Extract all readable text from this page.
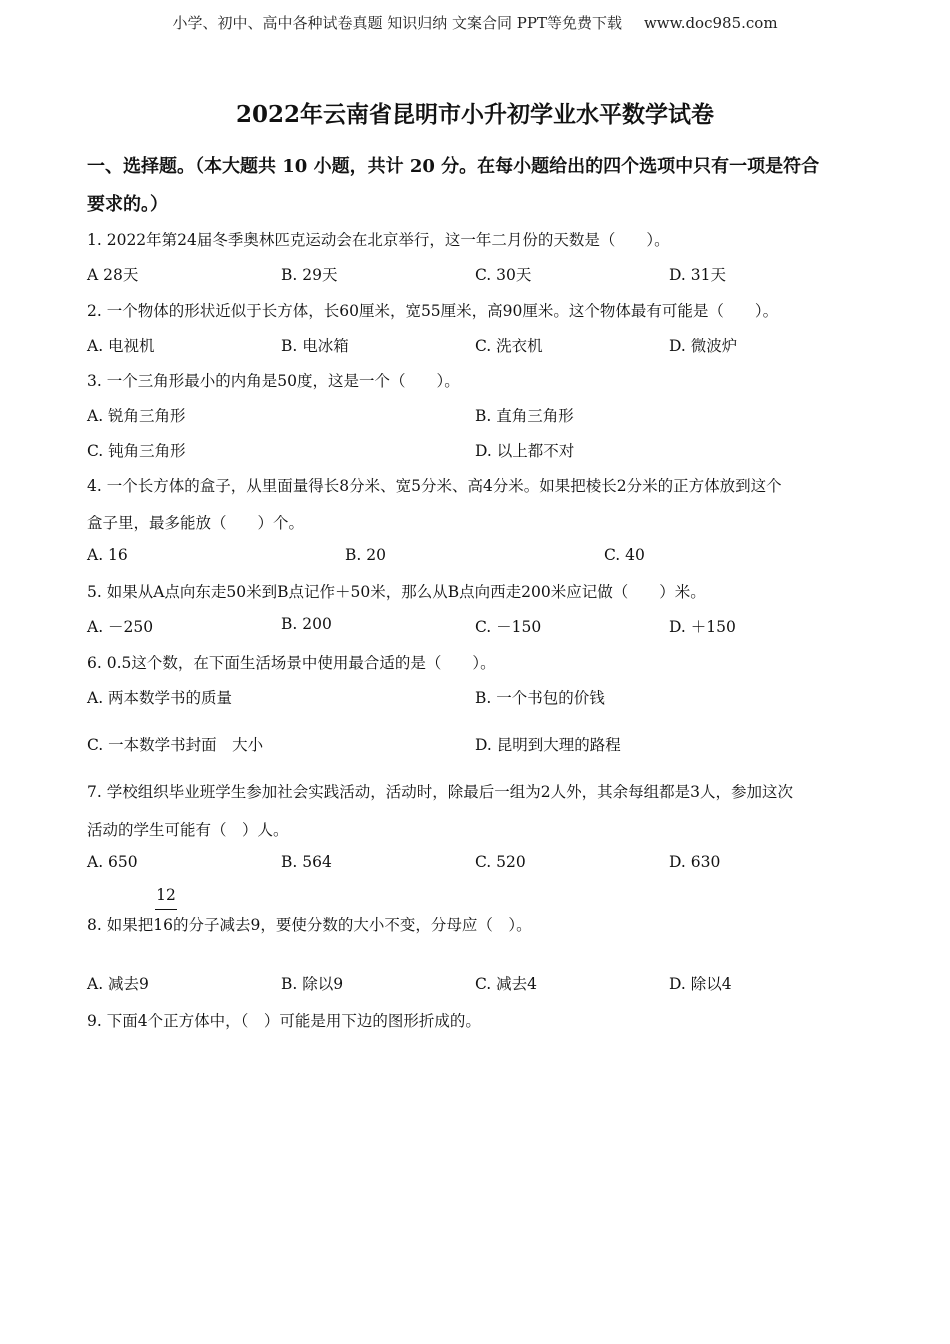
小学、初中、高中各种试卷真题 知识归纳 文案合同 PPT等免费下载 www.doc985.com
2022年云南省昆明市小升初学业水平数学试卷
一、选择题。（本大题共 10 小题，共计 20 分。在每小题给出的四个选项中只有一项是符合
要求的。）
1. 2022年第24届冬季奥林匹克运动会在北京举行，这一年二月份的天数是（　　）。
A 28天	B. 29天	C. 30天	D. 31天
2. 一个物体的形状近似于长方体，长60厘米，宽55厘米，高90厘米。这个物体最有可能是（　　）。
A. 电视机	B. 电冰箱	C. 洗衣机	D. 微波炉
3. 一个三角形最小的内角是50度，这是一个（　　）。
A. 锐角三角形	B. 直角三角形
C. 钝角三角形	D. 以上都不对
4. 一个长方体的盒子，从里面量得长8分米、宽5分米、高4分米。如果把棱长2分米的正方体放到这个
盒子里，最多能放（　　）个。
A. 16	B. 20	C. 40
5. 如果从A点向东走50米到B点记作＋50米，那么从B点向西走200米应记做（　　）米。
A. －250	B. 200	C. －150	D. ＋150
6. 0.5这个数，在下面生活场景中使用最合适的是（　　）。
A. 两本数学书的质量	B. 一个书包的价钱
C. 一本数学书封面　大小	D. 昆明到大理的路程
7. 学校组织毕业班学生参加社会实践活动，活动时，除最后一组为2人外，其余每组都是3人，参加这次
活动的学生可能有（　）人。
A. 650	B. 564	C. 520	D. 630
12
8. 如果把16的分子减去9，要使分数的大小不变，分母应（　）。
A. 减去9	B. 除以9	C. 减去4	D. 除以4
9. 下面4个正方体中，（　）可能是用下边的图形折成的。
